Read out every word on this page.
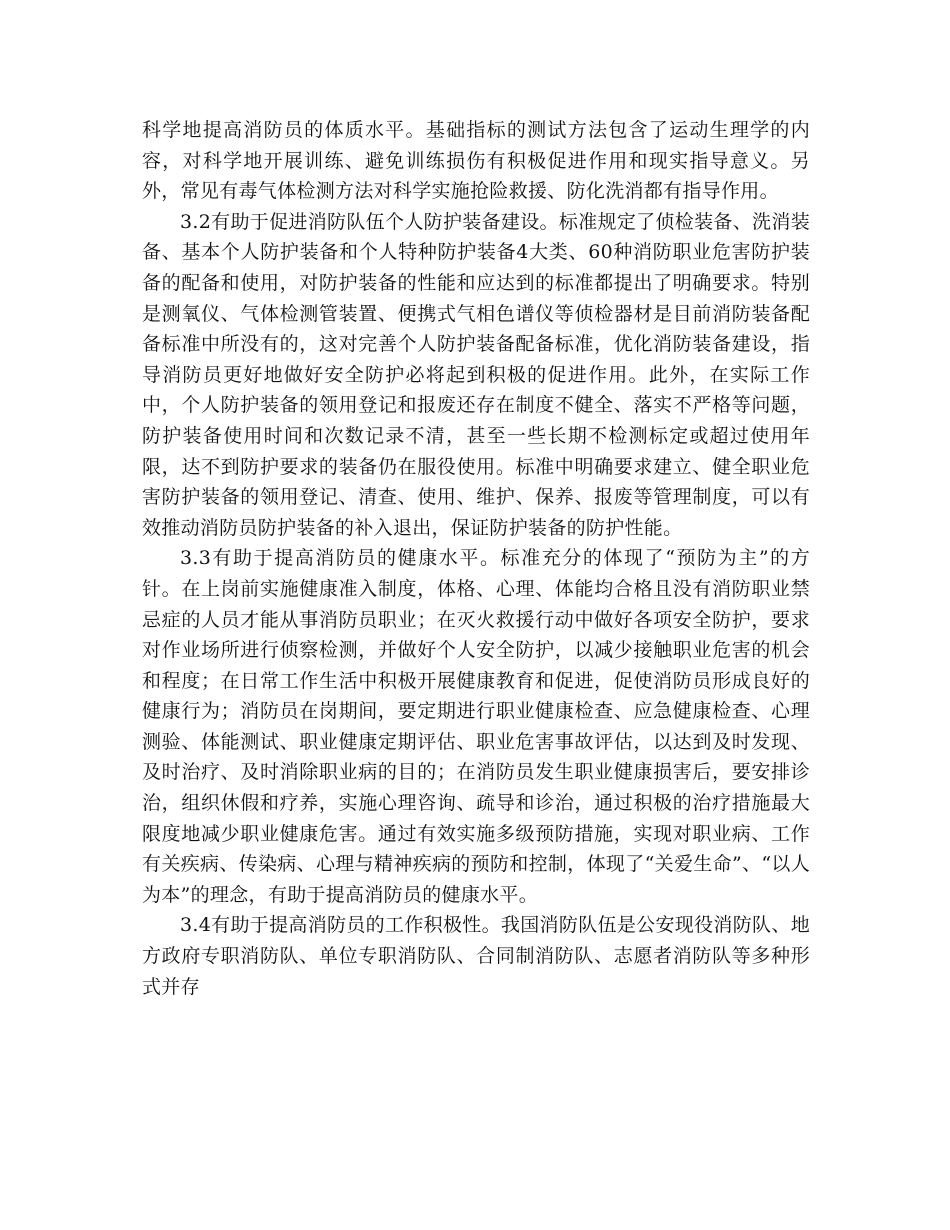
科学地提高消防员的体质水平。基础指标的测试方法包含了运动生理学的内容，对科学地开展训练、避免训练损伤有积极促进作用和现实指导意义。另外，常见有毒气体检测方法对科学实施抢险救援、防化洗消都有指导作用。

3.2有助于促进消防队伍个人防护装备建设。标准规定了侦检装备、洗消装备、基本个人防护装备和个人特种防护装备4大类、60种消防职业危害防护装备的配备和使用，对防护装备的性能和应达到的标准都提出了明确要求。特别是测氧仪、气体检测管装置、便携式气相色谱仪等侦检器材是目前消防装备配备标准中所没有的，这对完善个人防护装备配备标准，优化消防装备建设，指导消防员更好地做好安全防护必将起到积极的促进作用。此外，在实际工作中，个人防护装备的领用登记和报废还存在制度不健全、落实不严格等问题，防护装备使用时间和次数记录不清，甚至一些长期不检测标定或超过使用年限，达不到防护要求的装备仍在服役使用。标准中明确要求建立、健全职业危害防护装备的领用登记、清查、使用、维护、保养、报废等管理制度，可以有效推动消防员防护装备的补入退出，保证防护装备的防护性能。

3.3有助于提高消防员的健康水平。标准充分的体现了“预防为主”的方针。在上岗前实施健康准入制度，体格、心理、体能均合格且没有消防职业禁忌症的人员才能从事消防员职业；在灭火救援行动中做好各项安全防护，要求对作业场所进行侦察检测，并做好个人安全防护，以减少接触职业危害的机会和程度；在日常工作生活中积极开展健康教育和促进，促使消防员形成良好的健康行为；消防员在岗期间，要定期进行职业健康检查、应急健康检查、心理测验、体能测试、职业健康定期评估、职业危害事故评估，以达到及时发现、及时治疗、及时消除职业病的目的；在消防员发生职业健康损害后，要安排诊治，组织休假和疗养，实施心理咨询、疏导和诊治，通过积极的治疗措施最大限度地减少职业健康危害。通过有效实施多级预防措施，实现对职业病、工作有关疾病、传染病、心理与精神疾病的预防和控制，体现了“关爱生命”、“以人为本”的理念，有助于提高消防员的健康水平。

3.4有助于提高消防员的工作积极性。我国消防队伍是公安现役消防队、地方政府专职消防队、单位专职消防队、合同制消防队、志愿者消防队等多种形式并存
